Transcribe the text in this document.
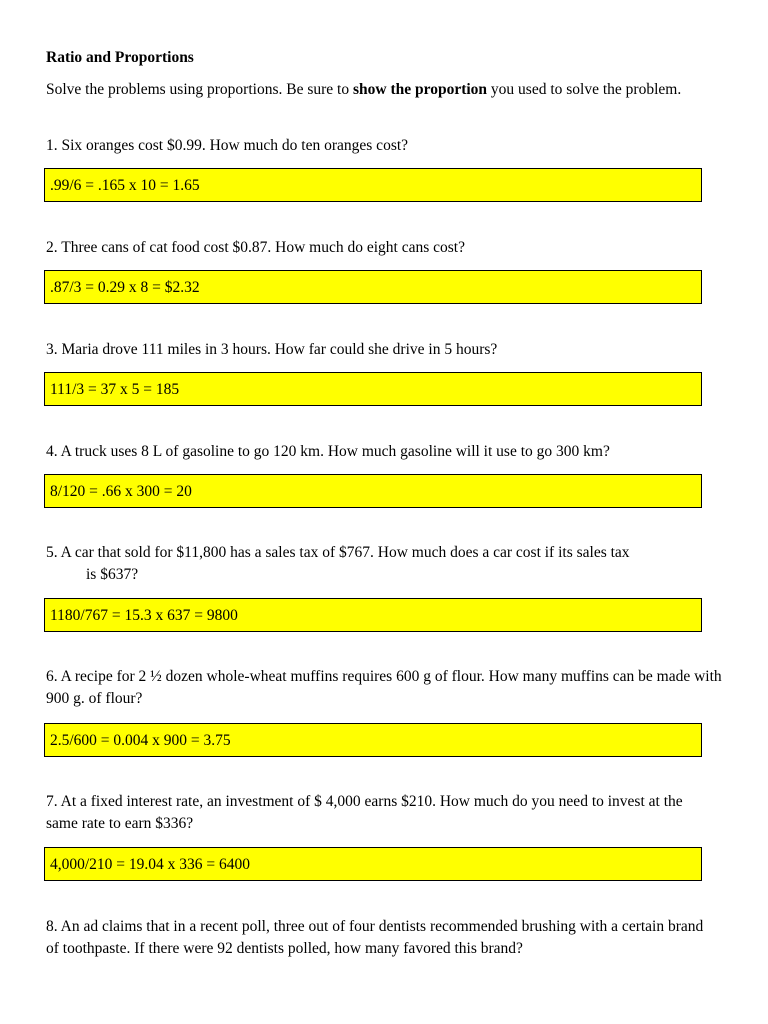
Ratio and Proportions
Solve the problems using proportions. Be sure to show the proportion you used to solve the problem.
1. Six oranges cost $0.99. How much do ten oranges cost?
.99/6 = .165 x 10 = 1.65
2. Three cans of cat food cost $0.87. How much do eight cans cost?
.87/3 = 0.29 x 8 = $2.32
3. Maria drove 111 miles in 3 hours. How far could she drive in 5 hours?
111/3 = 37 x 5 = 185
4. A truck uses 8 L of gasoline to go 120 km. How much gasoline will it use to go 300 km?
8/120 = .66 x 300 = 20
5. A car that sold for $11,800 has a sales tax of $767. How much does a car cost if its sales tax
is $637?
1180/767 = 15.3 x 637 = 9800
6. A recipe for 2 ½ dozen whole-wheat muffins requires 600 g of flour. How many muffins can be made with 900 g. of flour?
2.5/600 = 0.004 x 900 = 3.75
7. At a fixed interest rate, an investment of $ 4,000 earns $210. How much do you need to invest at the same rate to earn $336?
4,000/210 = 19.04 x 336 = 6400
8. An ad claims that in a recent poll, three out of four dentists recommended brushing with a certain brand of toothpaste. If there were 92 dentists polled, how many favored this brand?
